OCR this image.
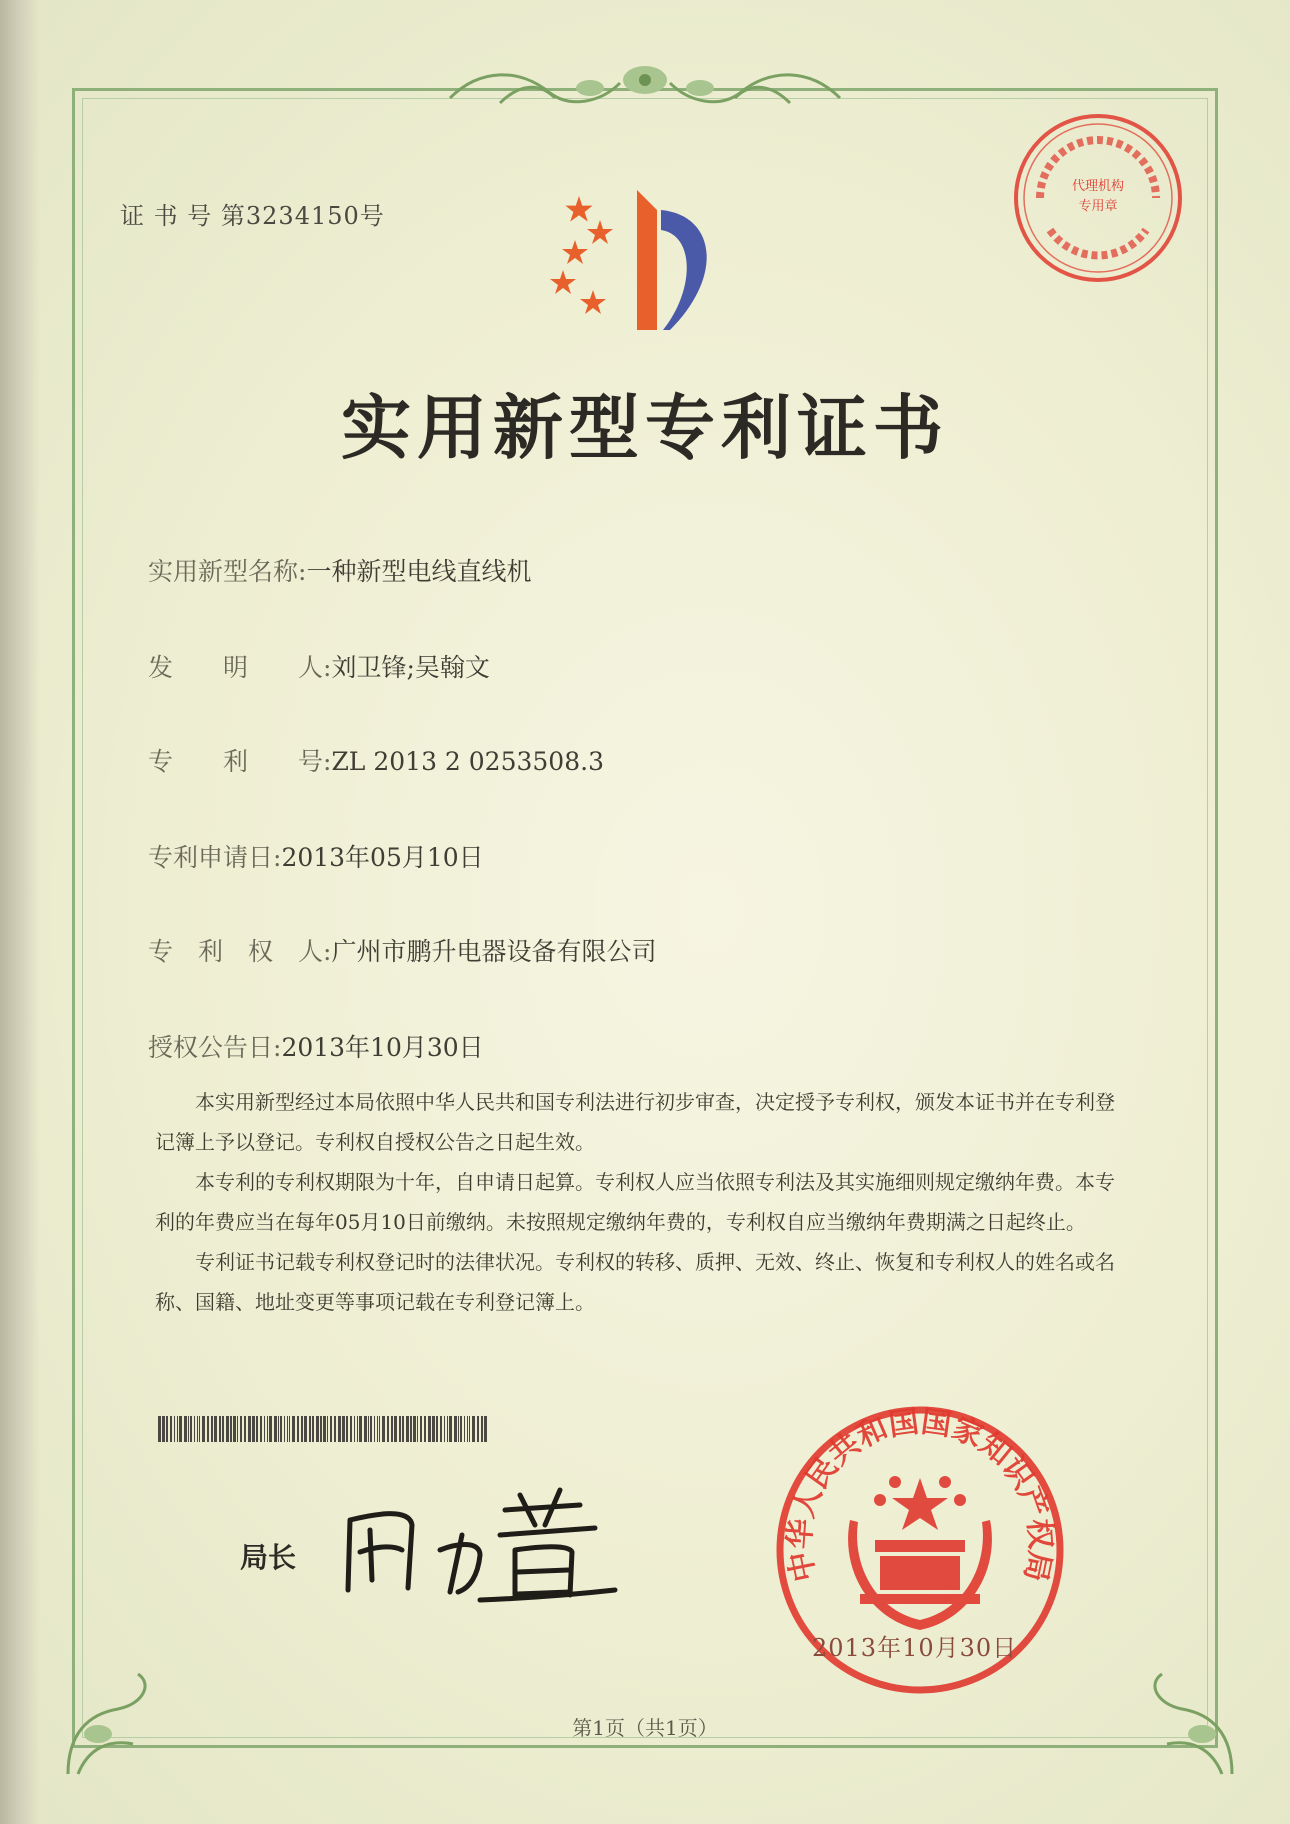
证 书 号 第3234150号
代理机构
专用章
实用新型专利证书
实用新型名称:一种新型电线直线机
发　　明　　人:刘卫锋;吴翰文
专　　利　　号:ZL 2013 2 0253508.3
专利申请日:2013年05月10日
专　利　权　人:广州市鹏升电器设备有限公司
授权公告日:2013年10月30日

本实用新型经过本局依照中华人民共和国专利法进行初步审查，决定授予专利权，颁发本证书并在专利登记簿上予以登记。专利权自授权公告之日起生效。

本专利的专利权期限为十年，自申请日起算。专利权人应当依照专利法及其实施细则规定缴纳年费。本专利的年费应当在每年05月10日前缴纳。未按照规定缴纳年费的，专利权自应当缴纳年费期满之日起终止。

专利证书记载专利权登记时的法律状况。专利权的转移、质押、无效、终止、恢复和专利权人的姓名或名称、国籍、地址变更等事项记载在专利登记簿上。

局长	中华人民共和国国家知识产权局
2013年10月30日
第1页（共1页）
